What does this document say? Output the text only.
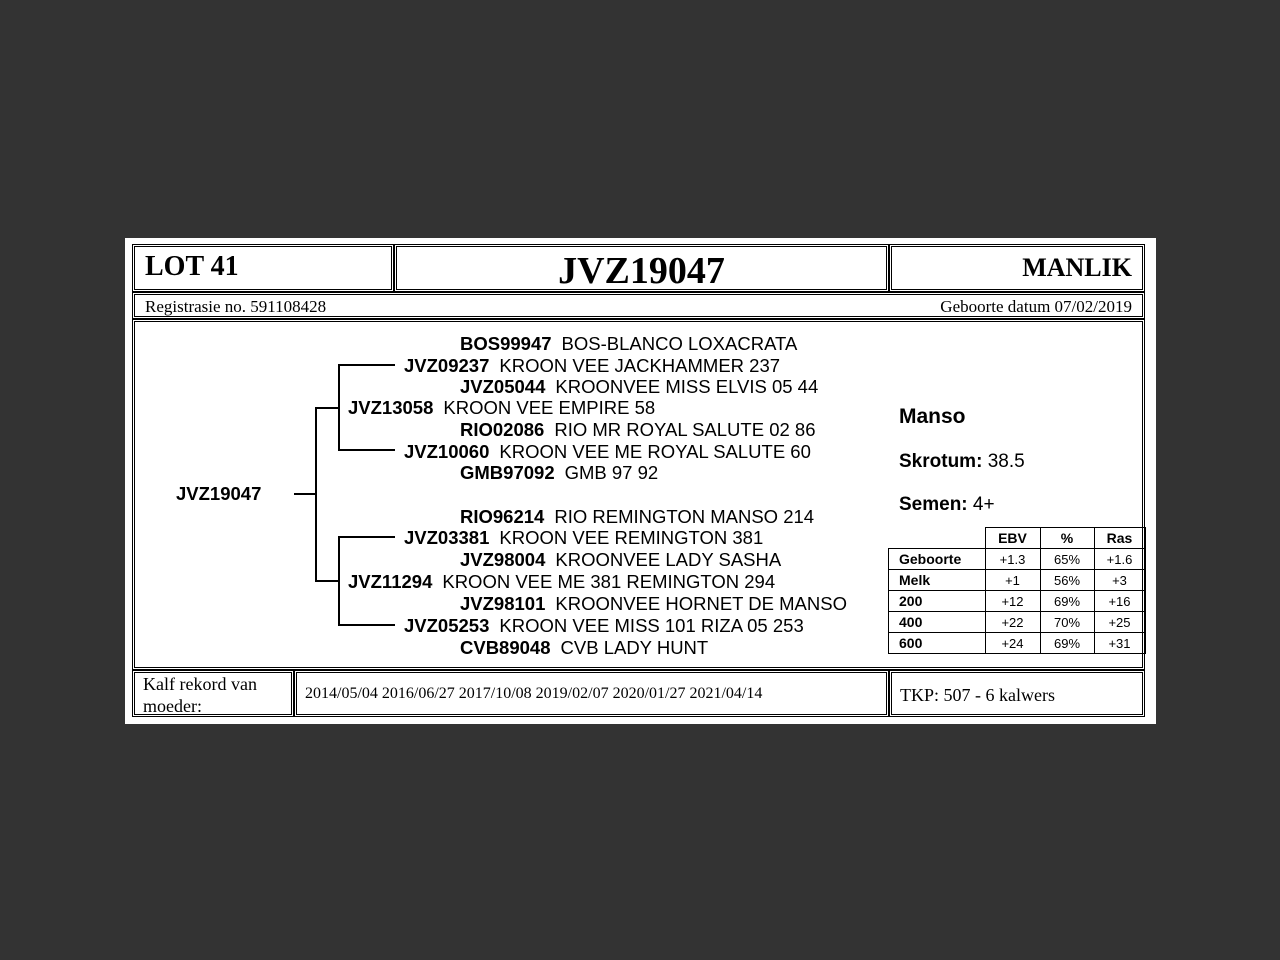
LOT 41	JVZ19047	MANLIK
Registrasie no. 591108428	Geboorte datum 07/02/2019
JVZ19047
BOS99947 BOS-BLANCO LOXACRATA
JVZ09237 KROON VEE JACKHAMMER 237
JVZ05044 KROONVEE MISS ELVIS 05 44
JVZ13058 KROON VEE EMPIRE 58
RIO02086 RIO MR ROYAL SALUTE 02 86
JVZ10060 KROON VEE ME ROYAL SALUTE 60
GMB97092 GMB 97 92
RIO96214 RIO REMINGTON MANSO 214
JVZ03381 KROON VEE REMINGTON 381
JVZ98004 KROONVEE LADY SASHA
JVZ11294 KROON VEE ME 381 REMINGTON 294
JVZ98101 KROONVEE HORNET DE MANSO
JVZ05253 KROON VEE MISS 101 RIZA 05 253
CVB89048 CVB LADY HUNT
Manso
Skrotum: 38.5
Semen: 4+
	EBV	%	Ras
Geboorte	+1.3	65%	+1.6
Melk	+1	56%	+3
200	+12	69%	+16
400	+22	70%	+25
600	+24	69%	+31
Kalf rekord van
moeder:
2014/05/04 2016/06/27 2017/10/08 2019/02/07 2020/01/27 2021/04/14	TKP: 507 - 6 kalwers
